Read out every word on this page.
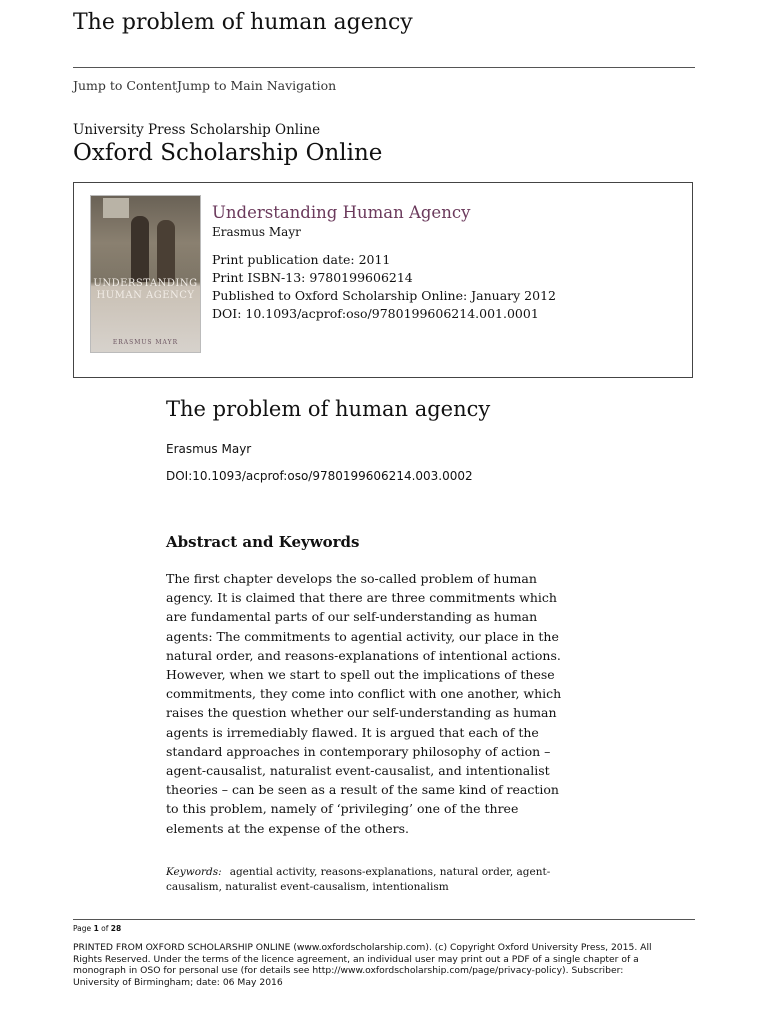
The problem of human agency
Jump to ContentJump to Main Navigation
University Press Scholarship Online
Oxford Scholarship Online
UNDERSTANDING
HUMAN AGENCY
ERASMUS MAYR
Understanding Human Agency
Erasmus Mayr
Print publication date: 2011
Print ISBN-13: 9780199606214
Published to Oxford Scholarship Online: January 2012
DOI: 10.1093/acprof:oso/9780199606214.001.0001
The problem of human agency
Erasmus Mayr
DOI:10.1093/acprof:oso/9780199606214.003.0002
Abstract and Keywords
The first chapter develops the so-called problem of human
agency. It is claimed that there are three commitments which
are fundamental parts of our self-understanding as human
agents: The commitments to agential activity, our place in the
natural order, and reasons-explanations of intentional actions.
However, when we start to spell out the implications of these
commitments, they come into conflict with one another, which
raises the question whether our self-understanding as human
agents is irremediably flawed. It is argued that each of the
standard approaches in contemporary philosophy of action –
agent-causalist, naturalist event-causalist, and intentionalist
theories – can be seen as a result of the same kind of reaction
to this problem, namely of ‘privileging’ one of the three
elements at the expense of the others.
Keywords: agential activity, reasons-explanations, natural order, agent-
causalism, naturalist event-causalism, intentionalism
Page 1 of 28
PRINTED FROM OXFORD SCHOLARSHIP ONLINE (www.oxfordscholarship.com). (c) Copyright Oxford University Press, 2015. All
Rights Reserved. Under the terms of the licence agreement, an individual user may print out a PDF of a single chapter of a
monograph in OSO for personal use (for details see http://www.oxfordscholarship.com/page/privacy-policy). Subscriber:
University of Birmingham; date: 06 May 2016
